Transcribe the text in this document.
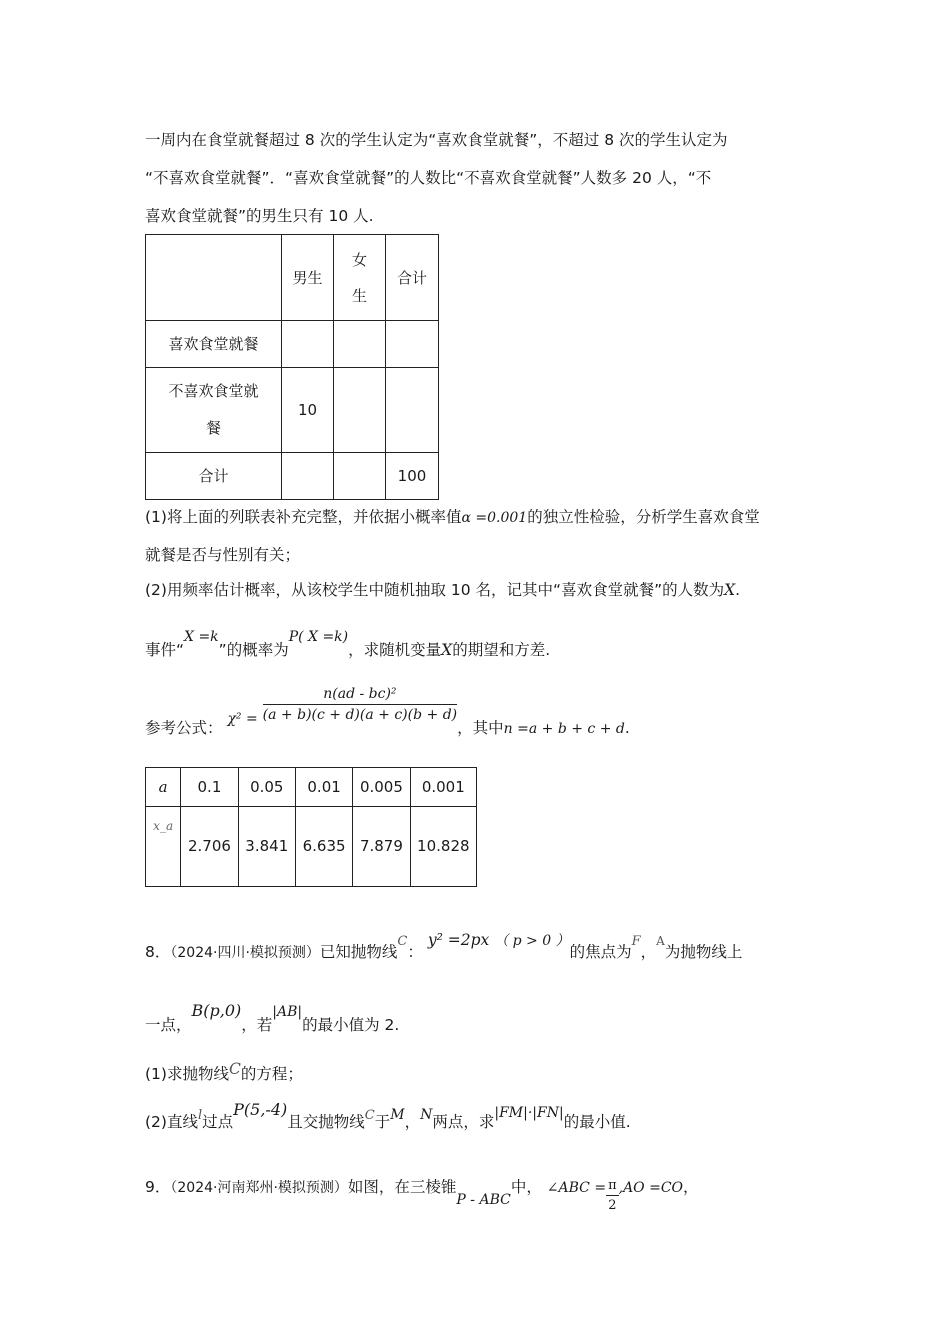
一周内在食堂就餐超过 8 次的学生认定为“喜欢食堂就餐”，不超过 8 次的学生认定为
“不喜欢食堂就餐”．“喜欢食堂就餐”的人数比“不喜欢食堂就餐”人数多 20 人，“不
喜欢食堂就餐”的男生只有 10 人.
	男生	女
生	合计
喜欢食堂就餐			
不喜欢食堂就
餐	10		
合计			100
(1)将上面的列联表补充完整，并依据小概率值α =0.001的独立性检验，分析学生喜欢食堂
就餐是否与性别有关；
(2)用频率估计概率，从该校学生中随机抽取 10 名，记其中“喜欢食堂就餐”的人数为X.
事件“X =k”的概率为P( X =k)，求随机变量X的期望和方差.
参考公式： $\chi^2 = \frac{\text{n(ad - bc)²}}{(a + b)(c + d)(a + c)(b + d)}$
，其中n =a + b + c + d.
a	0.1	0.05	0.01	0.005	0.001
x_a	2.706	3.841	6.635	7.879	10.828
8．（2024·四川·模拟预测）已知抛物线$^C$： y² =2px （ p > 0 ）的焦点为$^F$，$^A$为抛物线上
一点，B(p,0)，若|AB|的最小值为 2.
(1)求抛物线C的方程；
(2)直线$^l$过点P(5,-4)且交抛物线$^C$于M，N两点，求|FM|·|FN|的最小值.
9．（2024·河南郑州·模拟预测）如图，在三棱锥P - ABC中， ∠ABC = $\frac{\pi}{2} ,AO =CO$，
